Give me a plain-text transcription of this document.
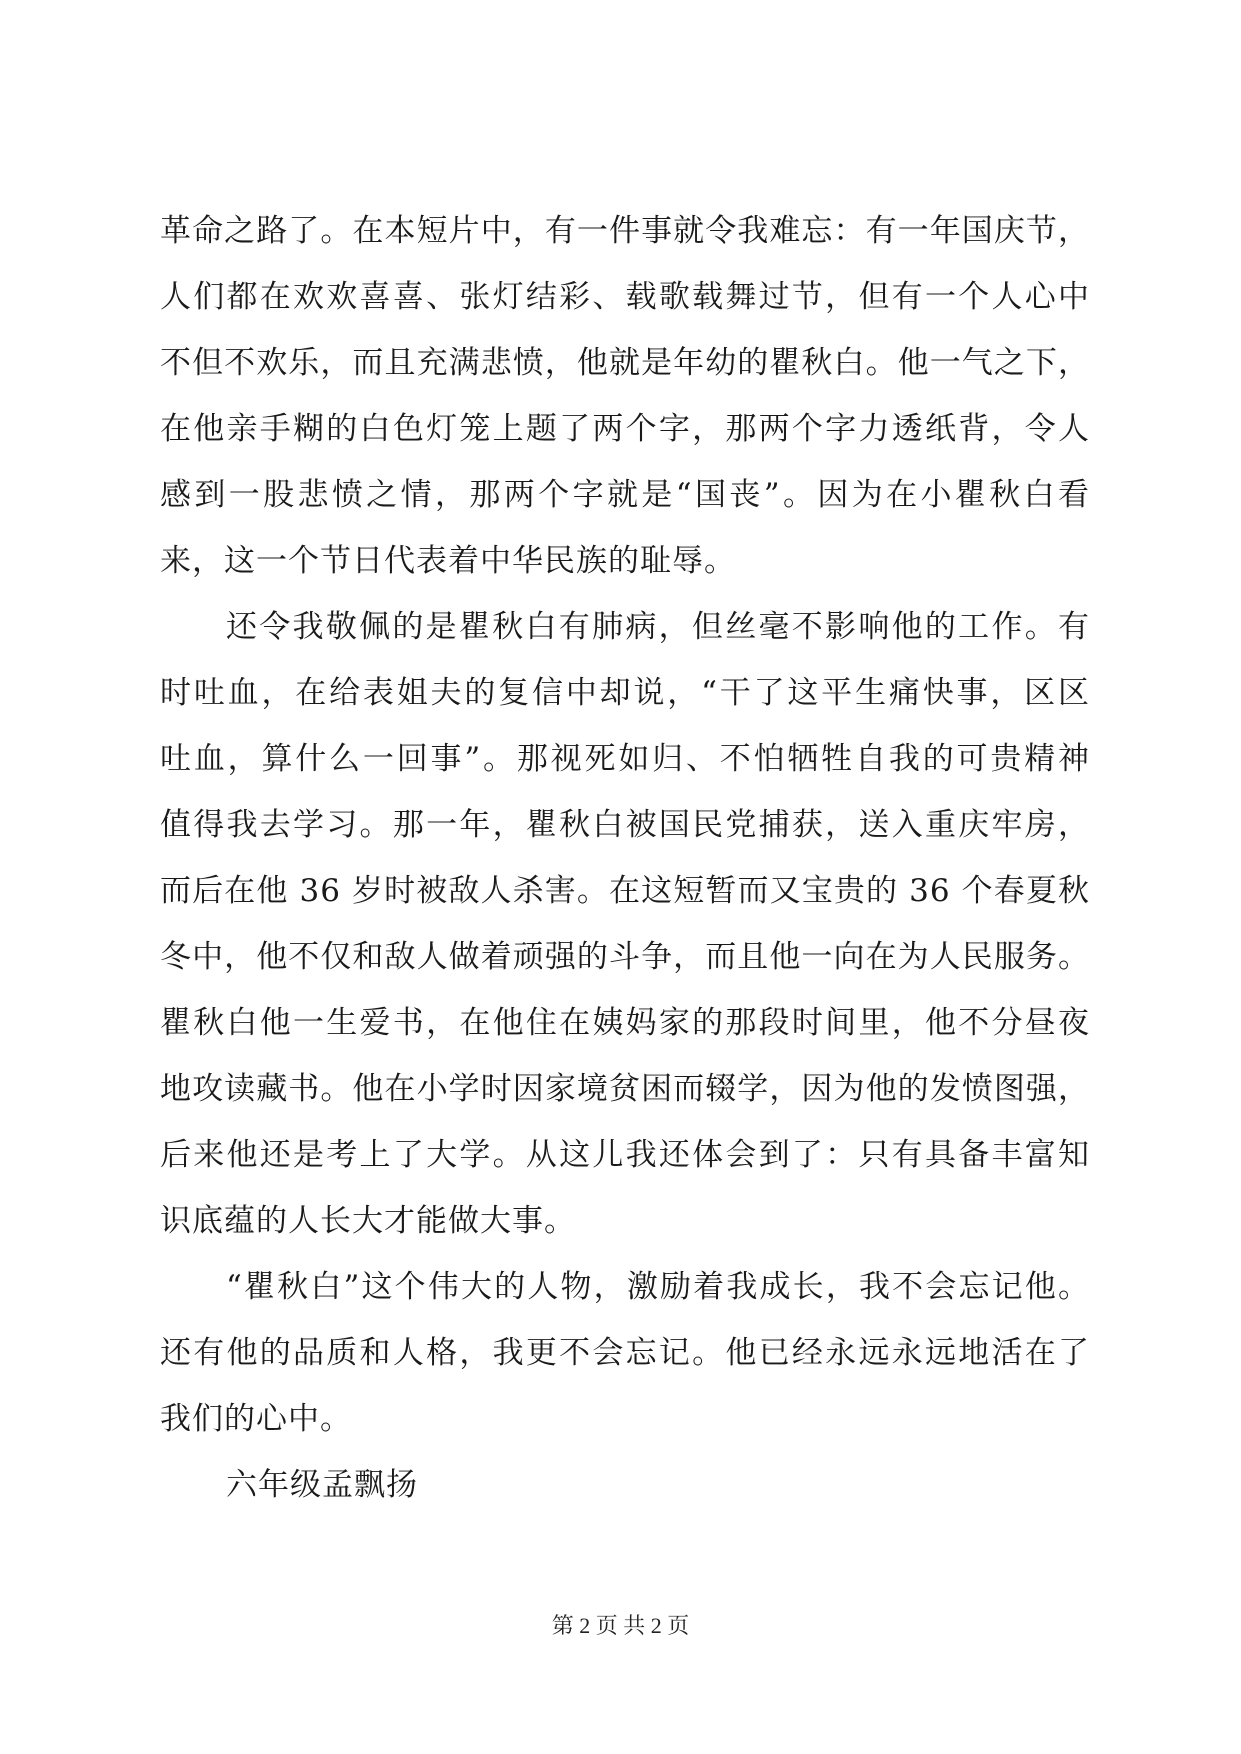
革命之路了。在本短片中，有一件事就令我难忘：有一年国庆节，
人们都在欢欢喜喜、张灯结彩、载歌载舞过节，但有一个人心中
不但不欢乐，而且充满悲愤，他就是年幼的瞿秋白。他一气之下，
在他亲手糊的白色灯笼上题了两个字，那两个字力透纸背，令人
感到一股悲愤之情，那两个字就是“国丧”。因为在小瞿秋白看
来，这一个节日代表着中华民族的耻辱。
还令我敬佩的是瞿秋白有肺病，但丝毫不影响他的工作。有
时吐血，在给表姐夫的复信中却说，“干了这平生痛快事，区区
吐血，算什么一回事”。那视死如归、不怕牺牲自我的可贵精神
值得我去学习。那一年，瞿秋白被国民党捕获，送入重庆牢房，
而后在他 36 岁时被敌人杀害。在这短暂而又宝贵的 36 个春夏秋
冬中，他不仅和敌人做着顽强的斗争，而且他一向在为人民服务。
瞿秋白他一生爱书，在他住在姨妈家的那段时间里，他不分昼夜
地攻读藏书。他在小学时因家境贫困而辍学，因为他的发愤图强，
后来他还是考上了大学。从这儿我还体会到了：只有具备丰富知
识底蕴的人长大才能做大事。
“瞿秋白”这个伟大的人物，激励着我成长，我不会忘记他。
还有他的品质和人格，我更不会忘记。他已经永远永远地活在了
我们的心中。
六年级孟飘扬
第 2 页 共 2 页
